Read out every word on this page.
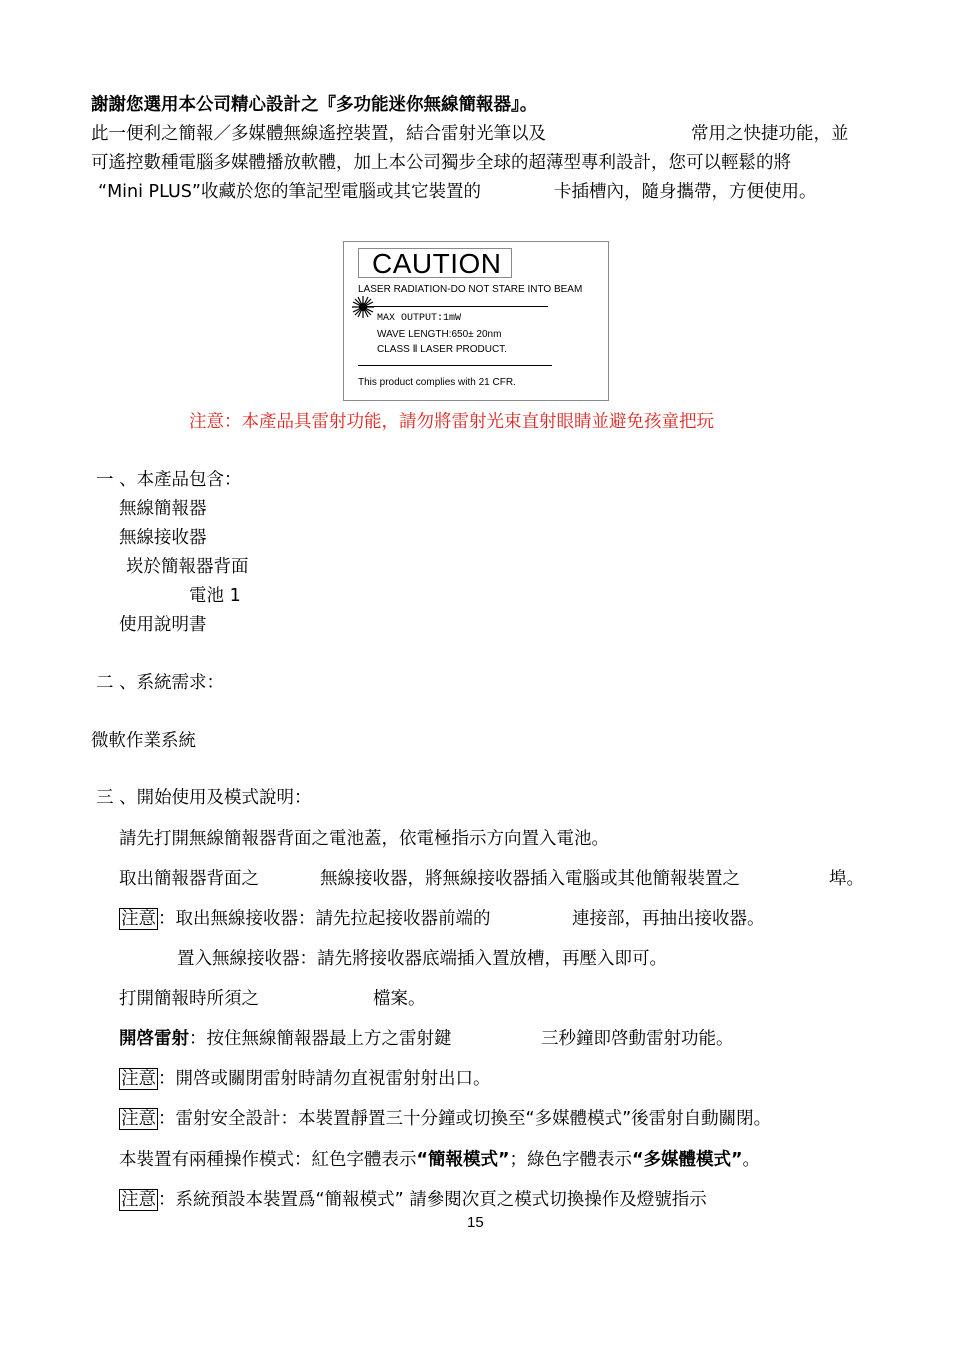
謝謝您選用本公司精心設計之『多功能迷你無線簡報器』。
此一便利之簡報／多媒體無線遙控裝置，結合雷射光筆以及	常用之快捷功能，並
可遙控數種電腦多媒體播放軟體，加上本公司獨步全球的超薄型專利設計，您可以輕鬆的將
“Mini PLUS”收藏於您的筆記型電腦或其它裝置的	卡插槽內，隨身攜帶，方便使用。
CAUTION
LASER RADIATION-DO NOT STARE INTO BEAM
MAX OUTPUT:1mW
WAVE LENGTH:650± 20nm
CLASS Ⅱ LASER PRODUCT.
This product complies with 21 CFR.
注意：本產品具雷射功能，請勿將雷射光束直射眼睛並避免孩童把玩
一 、本產品包含：
無線簡報器
無線接收器
崁於簡報器背面
電池 1
使用說明書
二 、系統需求：
微軟作業系統
三 、開始使用及模式說明：
請先打開無線簡報器背面之電池蓋，依電極指示方向置入電池。
取出簡報器背面之	無線接收器，將無線接收器插入電腦或其他簡報裝置之	埠。
注意 ：取出無線接收器：請先拉起接收器前端的	連接部，再抽出接收器。
置入無線接收器：請先將接收器底端插入置放槽，再壓入即可。
打開簡報時所須之	檔案。
開啓雷射：按住無線簡報器最上方之雷射鍵	三秒鐘即啓動雷射功能。
注意 ：開啓或關閉雷射時請勿直視雷射射出口。
注意 ：雷射安全設計：本裝置靜置三十分鐘或切換至“多媒體模式”後雷射自動關閉。
本裝置有兩種操作模式：紅色字體表示“簡報模式”；綠色字體表示“多媒體模式”。
注意 ：系統預設本裝置爲“簡報模式” 請參閱次頁之模式切換操作及燈號指示
15
